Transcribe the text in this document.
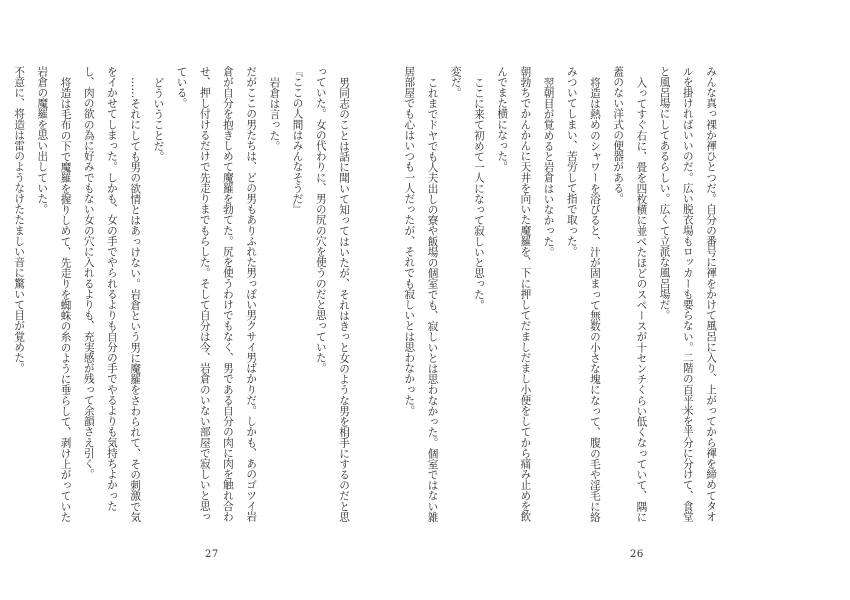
男同志のことは話に聞いて知ってはいたが、それはきっと女のような男を相手にするのだと思っていた。女の代わりに、男の尻の穴を使うのだと思っていた。

『ここの人間はみんなそうだ』

岩倉は言った。

だがここの男たちは、どの男もありふれた男っぽい男クサイ男ばかりだ。しかも、あのゴツイ岩倉が自分を抱きしめて魔羅を勃てた。尻を使うわけでもなく、男である自分の肉に肉を触れ合わせ、押し付けるだけで先走りまでもらした。そして自分は今、岩倉のいない部屋で寂しいと思っている。

どういうことだ。

……それにしても男の欲情とはあっけない。岩倉という男に魔羅をさわられて、その刺激で気をイかせてしまった。しかも、女の手でやられるよりも自分の手でやるよりも気持ちよかったし、肉の欲の為に好みでもない女の穴に入れるよりも、充実感が残って余韻さえ引く。

将造は毛布の下で魔羅を握りしめて、先走りを蜘蛛の糸のように垂らして、剥け上がっていた岩倉の魔羅を思い出していた。

不意に、将造は雷のようなけたたましい音に驚いて目が覚めた。

27

みんな真っ裸か褌ひとつだ。自分の番号に褌をかけて風呂に入り、上がってから褌を締めてタオルを掛ければいいのだ。広い脱衣場もロッカーも要らない。二階の百平米を半分に分けて、食堂と風呂場にしてあるらしい。広くて立派な風呂場だ。

入ってすぐ右に、畳を四枚横に並べたほどのスペースが十センチくらい低くなっていて、隅に蓋のない洋式の便器がある。

将造は熱めのシャワーを浴びると、汁が固まって無数の小さな塊になって、腹の毛や淫毛に絡みついてしまい、苦労して指で取った。

翌朝目が覚めると岩倉はいなかった。

朝勃ちでかんかんに天井を向いた魔羅を、下に押してだましだまし小便をしてから痛み止めを飲んでまた横になった。

ここに来て初めて一人になって寂しいと思った。

変だ。

これまでドヤでも人夫出しの寮や飯場の個室でも、寂しいとは思わなかった。個室ではない雑居部屋でも心はいつも一人だったが、それでも寂しいとは思わなかった。

26
